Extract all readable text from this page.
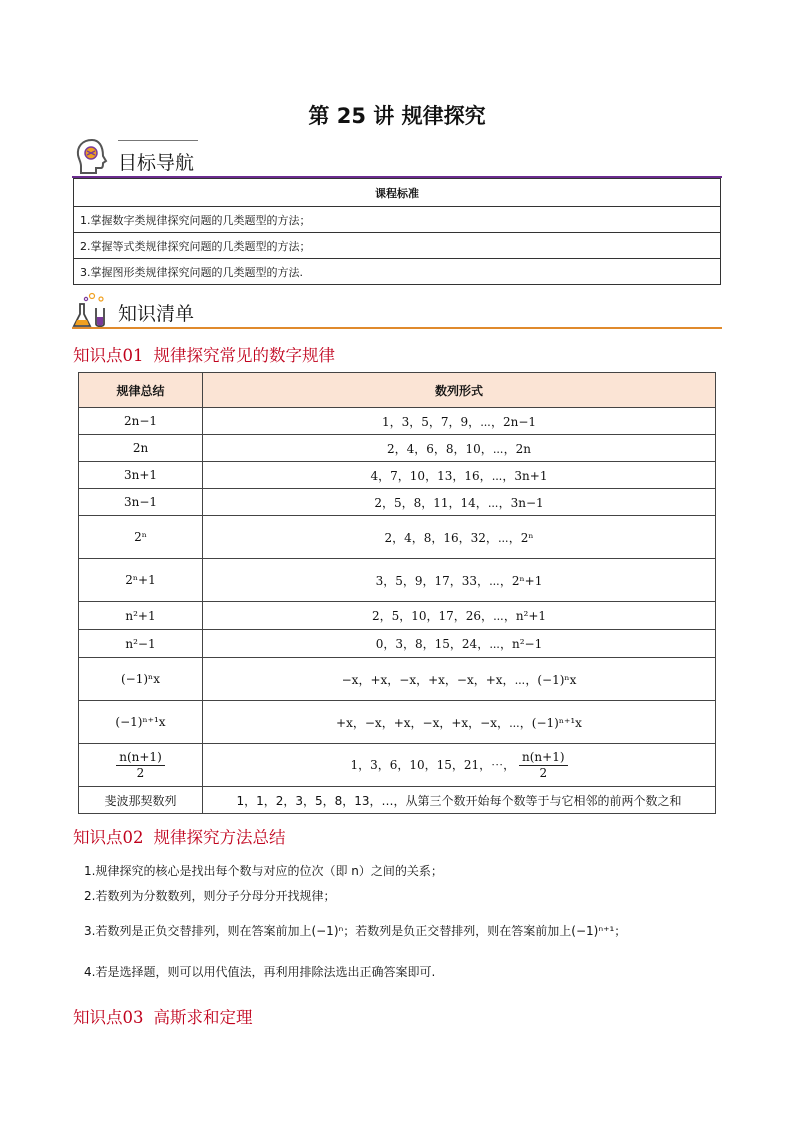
第 25 讲 规律探究
目标导航
课程标准
1.掌握数字类规律探究问题的几类题型的方法；
2.掌握等式类规律探究问题的几类题型的方法；
3.掌握图形类规律探究问题的几类题型的方法.
知识清单
知识点01 规律探究常见的数字规律
规律总结	数列形式
2n−1	1，3，5，7，9，⋯，2n−1
2n	2，4，6，8，10，⋯，2n
3n+1	4，7，10，13，16，⋯，3n+1
3n−1	2，5，8，11，14，⋯，3n−1
2ⁿ	2，4，8，16，32，⋯，2ⁿ
2ⁿ+1	3，5，9，17，33，⋯，2ⁿ+1
n²+1	2，5，10，17，26，⋯，n²+1
n²−1	0，3，8，15，24，⋯，n²−1
(−1)ⁿx	−x，+x，−x，+x，−x，+x，⋯，(−1)ⁿx
(−1)ⁿ⁺¹x	+x，−x，+x，−x，+x，−x，⋯，(−1)ⁿ⁺¹x

$\frac{n(n+1)}{2}$	1，3，6，10，15，21，⋯， $\frac{n(n+1)}{2}$

斐波那契数列	1，1，2，3，5，8，13，…，从第三个数开始每个数等于与它相邻的前两个数之和
知识点02 规律探究方法总结
1.规律探究的核心是找出每个数与对应的位次（即 n）之间的关系；
2.若数列为分数数列，则分子分母分开找规律；
3.若数列是正负交替排列，则在答案前加上(−1)ⁿ；若数列是负正交替排列，则在答案前加上(−1)ⁿ⁺¹；
4.若是选择题，则可以用代值法，再利用排除法选出正确答案即可.
知识点03 高斯求和定理
